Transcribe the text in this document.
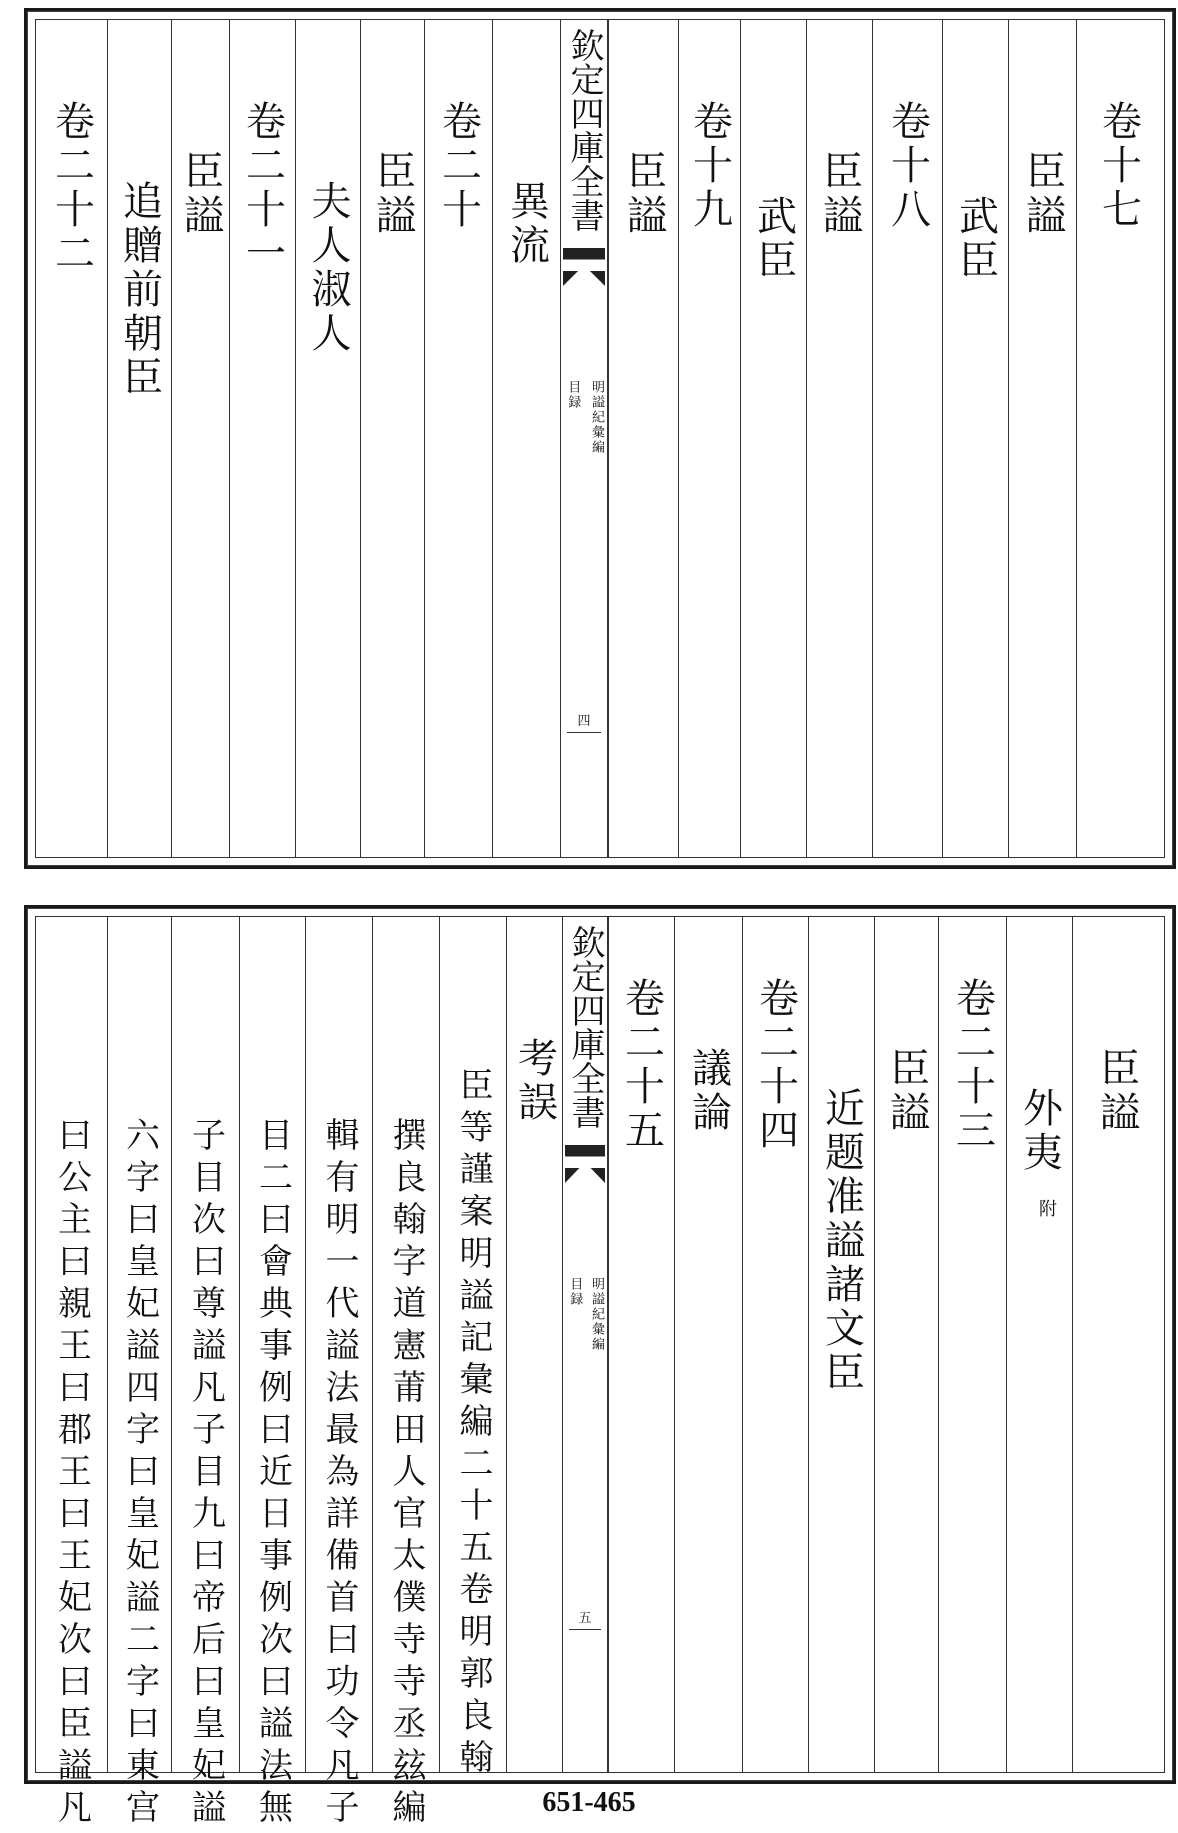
卷二十二 追贈前朝臣 臣謚 卷二十一 夫人淑人 臣謚 卷二十 異流 欽定四庫全書
明謚紀彙編
目録
四
臣謚 卷十九
武臣
臣謚 卷十八
武臣
臣謚 卷十七
曰公主曰親王曰郡王曰王妃次曰臣謚凡 六字曰皇妃謚四字曰皇妃謚二字曰東宫 子目次曰尊謚凡子目九曰帝后曰皇妃謚 目二曰會典事例曰近日事例次曰謚法無 輯有明一代謚法最為詳備首曰功令凡子 撰良翰字道憲莆田人官太僕寺寺丞玆編 臣等謹案明謚記彙編二十五卷明郭良翰 考誤 欽定四庫全書
明謚紀彙編
目録
五
卷二十五 議論 卷二十四
近题准謚諸文臣 臣謚 卷二十三 外夷
附
臣謚
651-465
